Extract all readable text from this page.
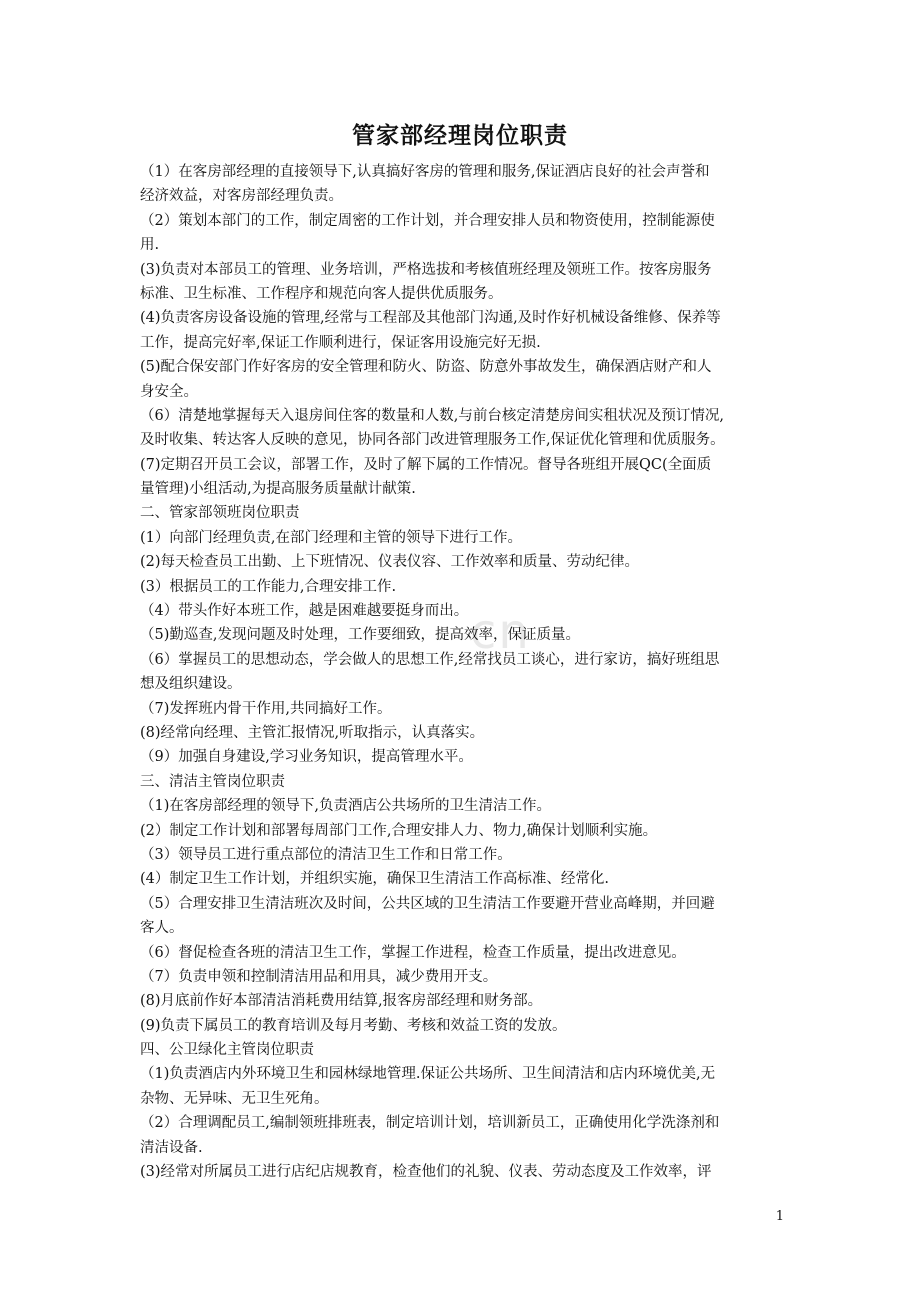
cn
管家部经理岗位职责
（1）在客房部经理的直接领导下,认真搞好客房的管理和服务,保证酒店良好的社会声誉和
经济效益，对客房部经理负责。
（2）策划本部门的工作，制定周密的工作计划，并合理安排人员和物资使用，控制能源使
用.
(3)负责对本部员工的管理、业务培训，严格选拔和考核值班经理及领班工作。按客房服务
标准、卫生标准、工作程序和规范向客人提供优质服务。
(4)负责客房设备设施的管理,经常与工程部及其他部门沟通,及时作好机械设备维修、保养等
工作，提高完好率,保证工作顺利进行，保证客用设施完好无损.
(5)配合保安部门作好客房的安全管理和防火、防盗、防意外事故发生，确保酒店财产和人
身安全。
（6）清楚地掌握每天入退房间住客的数量和人数,与前台核定清楚房间实租状况及预订情况,
及时收集、转达客人反映的意见，协同各部门改进管理服务工作,保证优化管理和优质服务。
(7)定期召开员工会议，部署工作，及时了解下属的工作情况。督导各班组开展QC(全面质
量管理)小组活动,为提高服务质量献计献策.
二、管家部领班岗位职责
(1）向部门经理负责,在部门经理和主管的领导下进行工作。
(2)每天检查员工出勤、上下班情况、仪表仪容、工作效率和质量、劳动纪律。
(3）根据员工的工作能力,合理安排工作.
（4）带头作好本班工作，越是困难越要挺身而出。
（5)勤巡查,发现问题及时处理，工作要细致，提高效率，保证质量。
（6）掌握员工的思想动态，学会做人的思想工作,经常找员工谈心，进行家访，搞好班组思
想及组织建设。
（7)发挥班内骨干作用,共同搞好工作。
(8)经常向经理、主管汇报情况,听取指示，认真落实。
（9）加强自身建设,学习业务知识，提高管理水平。
三、清洁主管岗位职责
（1)在客房部经理的领导下,负责酒店公共场所的卫生清洁工作。
(2）制定工作计划和部署每周部门工作,合理安排人力、物力,确保计划顺利实施。
（3）领导员工进行重点部位的清洁卫生工作和日常工作。
(4）制定卫生工作计划，并组织实施，确保卫生清洁工作高标准、经常化.
（5）合理安排卫生清洁班次及时间，公共区域的卫生清洁工作要避开营业高峰期，并回避
客人。
（6）督促检查各班的清洁卫生工作，掌握工作进程，检查工作质量，提出改进意见。
（7）负责申领和控制清洁用品和用具，减少费用开支。
(8)月底前作好本部清洁消耗费用结算,报客房部经理和财务部。
(9)负责下属员工的教育培训及每月考勤、考核和效益工资的发放。
四、公卫绿化主管岗位职责
（1)负责酒店内外环境卫生和园林绿地管理.保证公共场所、卫生间清洁和店内环境优美,无
杂物、无异味、无卫生死角。
（2）合理调配员工,编制领班排班表，制定培训计划，培训新员工，正确使用化学洗涤剂和
清洁设备.
(3)经常对所属员工进行店纪店规教育，检查他们的礼貌、仪表、劳动态度及工作效率，评
1
